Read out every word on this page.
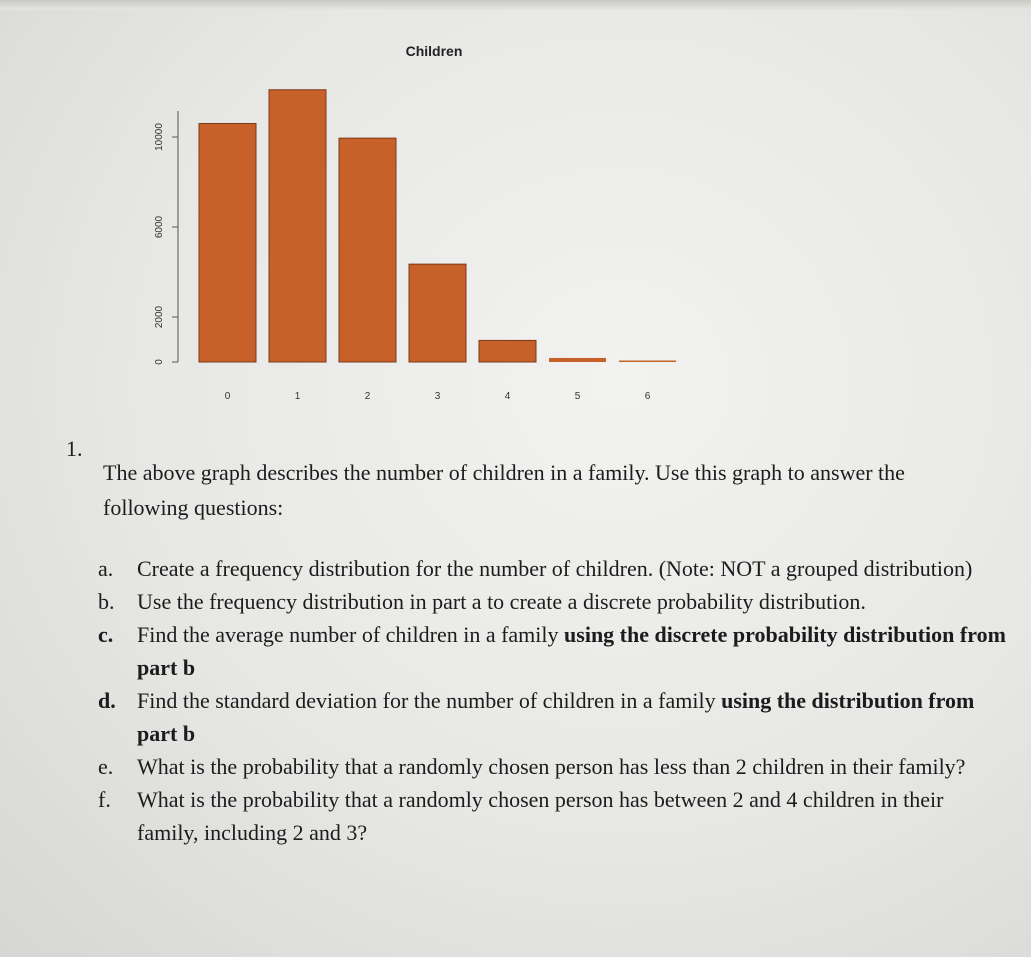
Children
0
2000
6000
10000
0	1	2	3	4	5	6
1.
The above graph describes the number of children in a family. Use this graph to answer the following questions:
a. Create a frequency distribution for the number of children. (Note: NOT a grouped distribution)
b. Use the frequency distribution in part a to create a discrete probability distribution.
c. Find the average number of children in a family using the discrete probability distribution from part b
d. Find the standard deviation for the number of children in a family using the distribution from part b
e. What is the probability that a randomly chosen person has less than 2 children in their family?
f. What is the probability that a randomly chosen person has between 2 and 4 children in their family, including 2 and 3?
